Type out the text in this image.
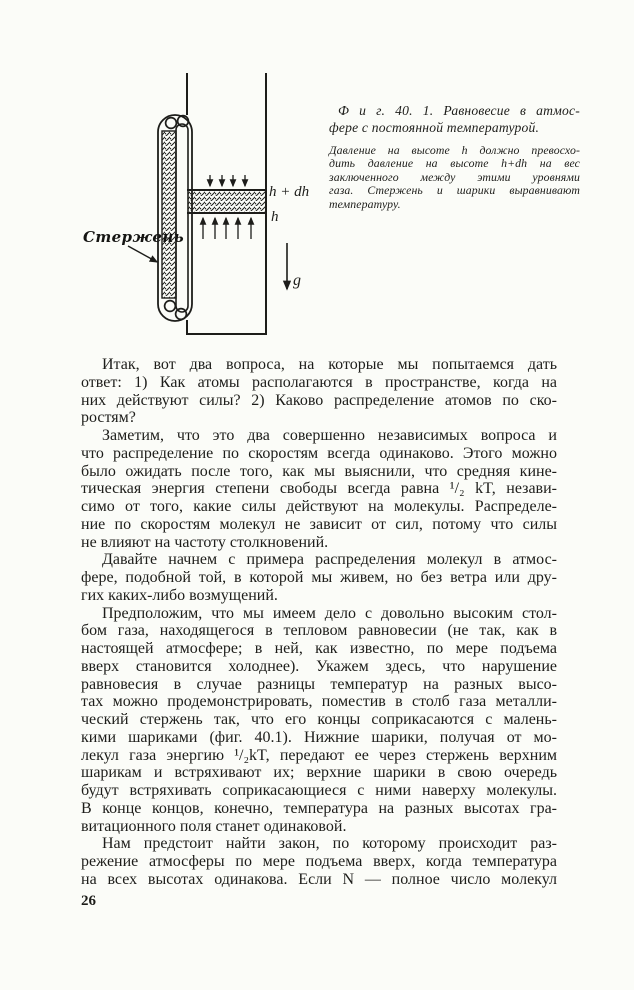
g
h + dh
h
Стержень
Ф и г. 40. 1. Равновесие в атмос-
фере с постоянной температурой.
Давление на высоте h должно превосхо-
дить давление на высоте h+dh на вес
заключенного между этими уровнями
газа. Стержень и шарики выравнивают
температуру.
Итак, вот два вопроса, на которые мы попытаемся дать
ответ: 1) Как атомы располагаются в пространстве, когда на
них действуют силы? 2) Каково распределение атомов по ско-
ростям?
Заметим, что это два совершенно независимых вопроса и
что распределение по скоростям всегда одинаково. Этого можно
было ожидать после того, как мы выяснили, что средняя кине-
тическая энергия степени свободы всегда равна ¹/₂ kT, незави-
симо от того, какие силы действуют на молекулы. Распределе-
ние по скоростям молекул не зависит от сил, потому что силы
не влияют на частоту столкновений.
Давайте начнем с примера распределения молекул в атмос-
фере, подобной той, в которой мы живем, но без ветра или дру-
гих каких-либо возмущений.
Предположим, что мы имеем дело с довольно высоким стол-
бом газа, находящегося в тепловом равновесии (не так, как в
настоящей атмосфере; в ней, как известно, по мере подъема
вверх становится холоднее). Укажем здесь, что нарушение
равновесия в случае разницы температур на разных высо-
тах можно продемонстрировать, поместив в столб газа металли-
ческий стержень так, что его концы соприкасаются с малень-
кими шариками (фиг. 40.1). Нижние шарики, получая от мо-
лекул газа энергию ¹/₂kT, передают ее через стержень верхним
шарикам и встряхивают их; верхние шарики в свою очередь
будут встряхивать соприкасающиеся с ними наверху молекулы.
В конце концов, конечно, температура на разных высотах гра-
витационного поля станет одинаковой.
Нам предстоит найти закон, по которому происходит раз-
режение атмосферы по мере подъема вверх, когда температура
на всех высотах одинакова. Если N — полное число молекул
26
